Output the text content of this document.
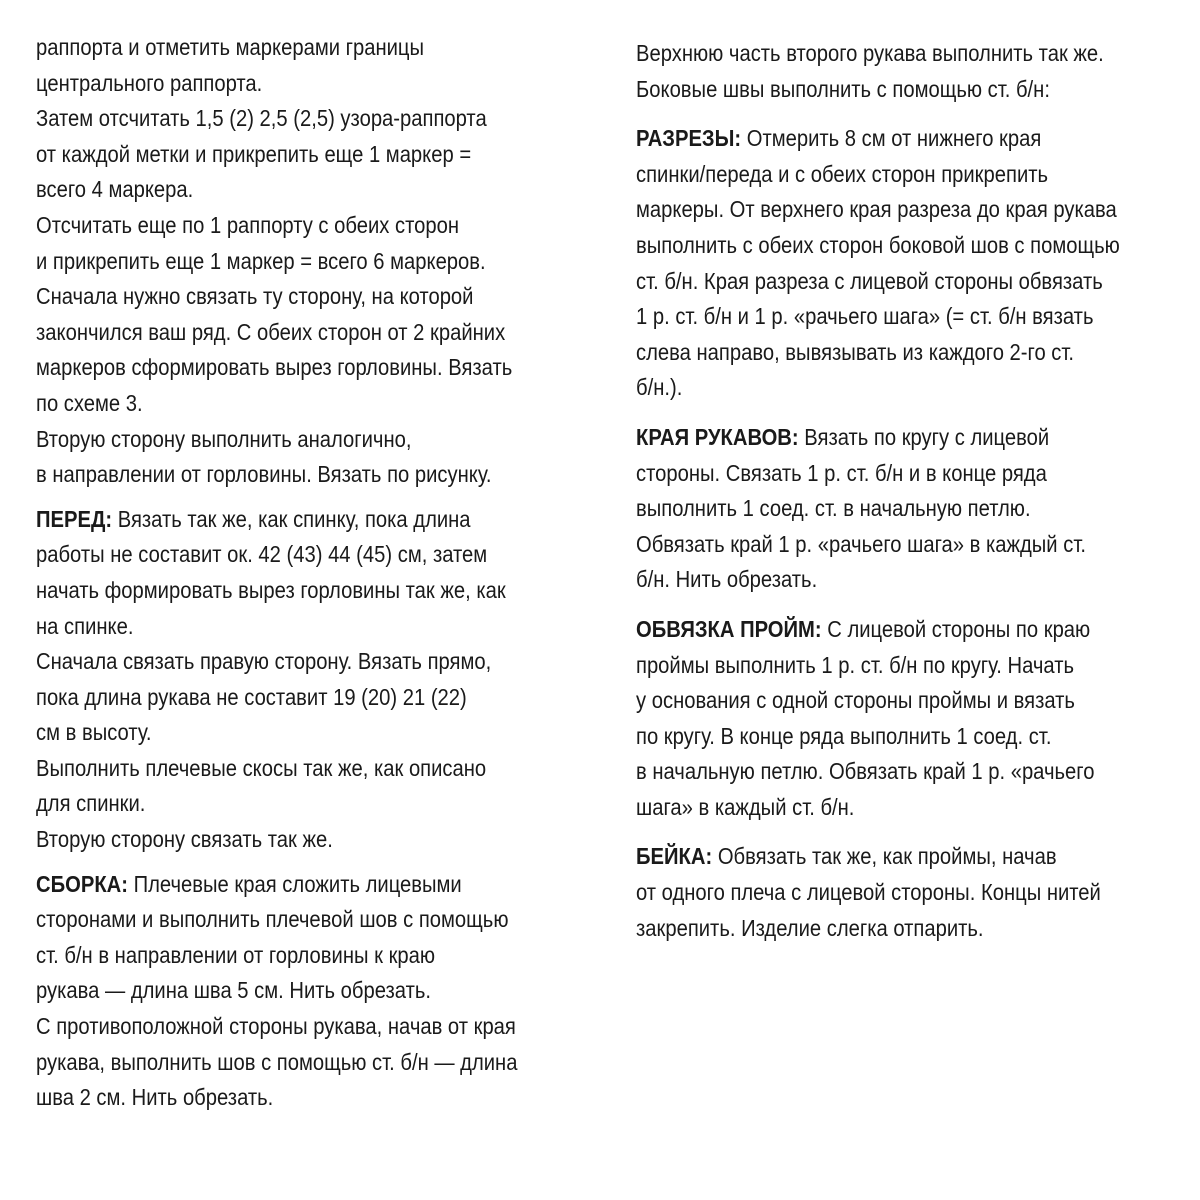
раппорта и отметить маркерами границы
центрального раппорта.
Затем отсчитать 1,5 (2) 2,5 (2,5) узора-раппорта
от каждой метки и прикрепить еще 1 маркер =
всего 4 маркера.
Отсчитать еще по 1 раппорту с обеих сторон
и прикрепить еще 1 маркер = всего 6 маркеров.
Сначала нужно связать ту сторону, на которой
закончился ваш ряд. С обеих сторон от 2 крайних
маркеров сформировать вырез горловины. Вязать
по схеме 3.
Вторую сторону выполнить аналогично,
в направлении от горловины. Вязать по рисунку.
ПЕРЕД: Вязать так же, как спинку, пока длина
работы не составит ок. 42 (43) 44 (45) см, затем
начать формировать вырез горловины так же, как
на спинке.
Сначала связать правую сторону. Вязать прямо,
пока длина рукава не составит 19 (20) 21 (22)
см в высоту.
Выполнить плечевые скосы так же, как описано
для спинки.
Вторую сторону связать так же.
СБОРКА: Плечевые края сложить лицевыми
сторонами и выполнить плечевой шов с помощью
ст. б/н в направлении от горловины к краю
рукава — длина шва 5 см. Нить обрезать.
С противоположной стороны рукава, начав от края
рукава, выполнить шов с помощью ст. б/н — длина
шва 2 см. Нить обрезать.
Верхнюю часть второго рукава выполнить так же.
Боковые швы выполнить с помощью ст. б/н:
РАЗРЕЗЫ: Отмерить 8 см от нижнего края
спинки/переда и с обеих сторон прикрепить
маркеры. От верхнего края разреза до края рукава
выполнить с обеих сторон боковой шов с помощью
ст. б/н. Края разреза с лицевой стороны обвязать
1 р. ст. б/н и 1 р. «рачьего шага» (= ст. б/н вязать
слева направо, вывязывать из каждого 2-го ст.
б/н.).
КРАЯ РУКАВОВ: Вязать по кругу с лицевой
стороны. Связать 1 р. ст. б/н и в конце ряда
выполнить 1 соед. ст. в начальную петлю.
Обвязать край 1 р. «рачьего шага» в каждый ст.
б/н. Нить обрезать.
ОБВЯЗКА ПРОЙМ: С лицевой стороны по краю
проймы выполнить 1 р. ст. б/н по кругу. Начать
у основания с одной стороны проймы и вязать
по кругу. В конце ряда выполнить 1 соед. ст.
в начальную петлю. Обвязать край 1 р. «рачьего
шага» в каждый ст. б/н.
БЕЙКА: Обвязать так же, как проймы, начав
от одного плеча с лицевой стороны. Концы нитей
закрепить. Изделие слегка отпарить.
